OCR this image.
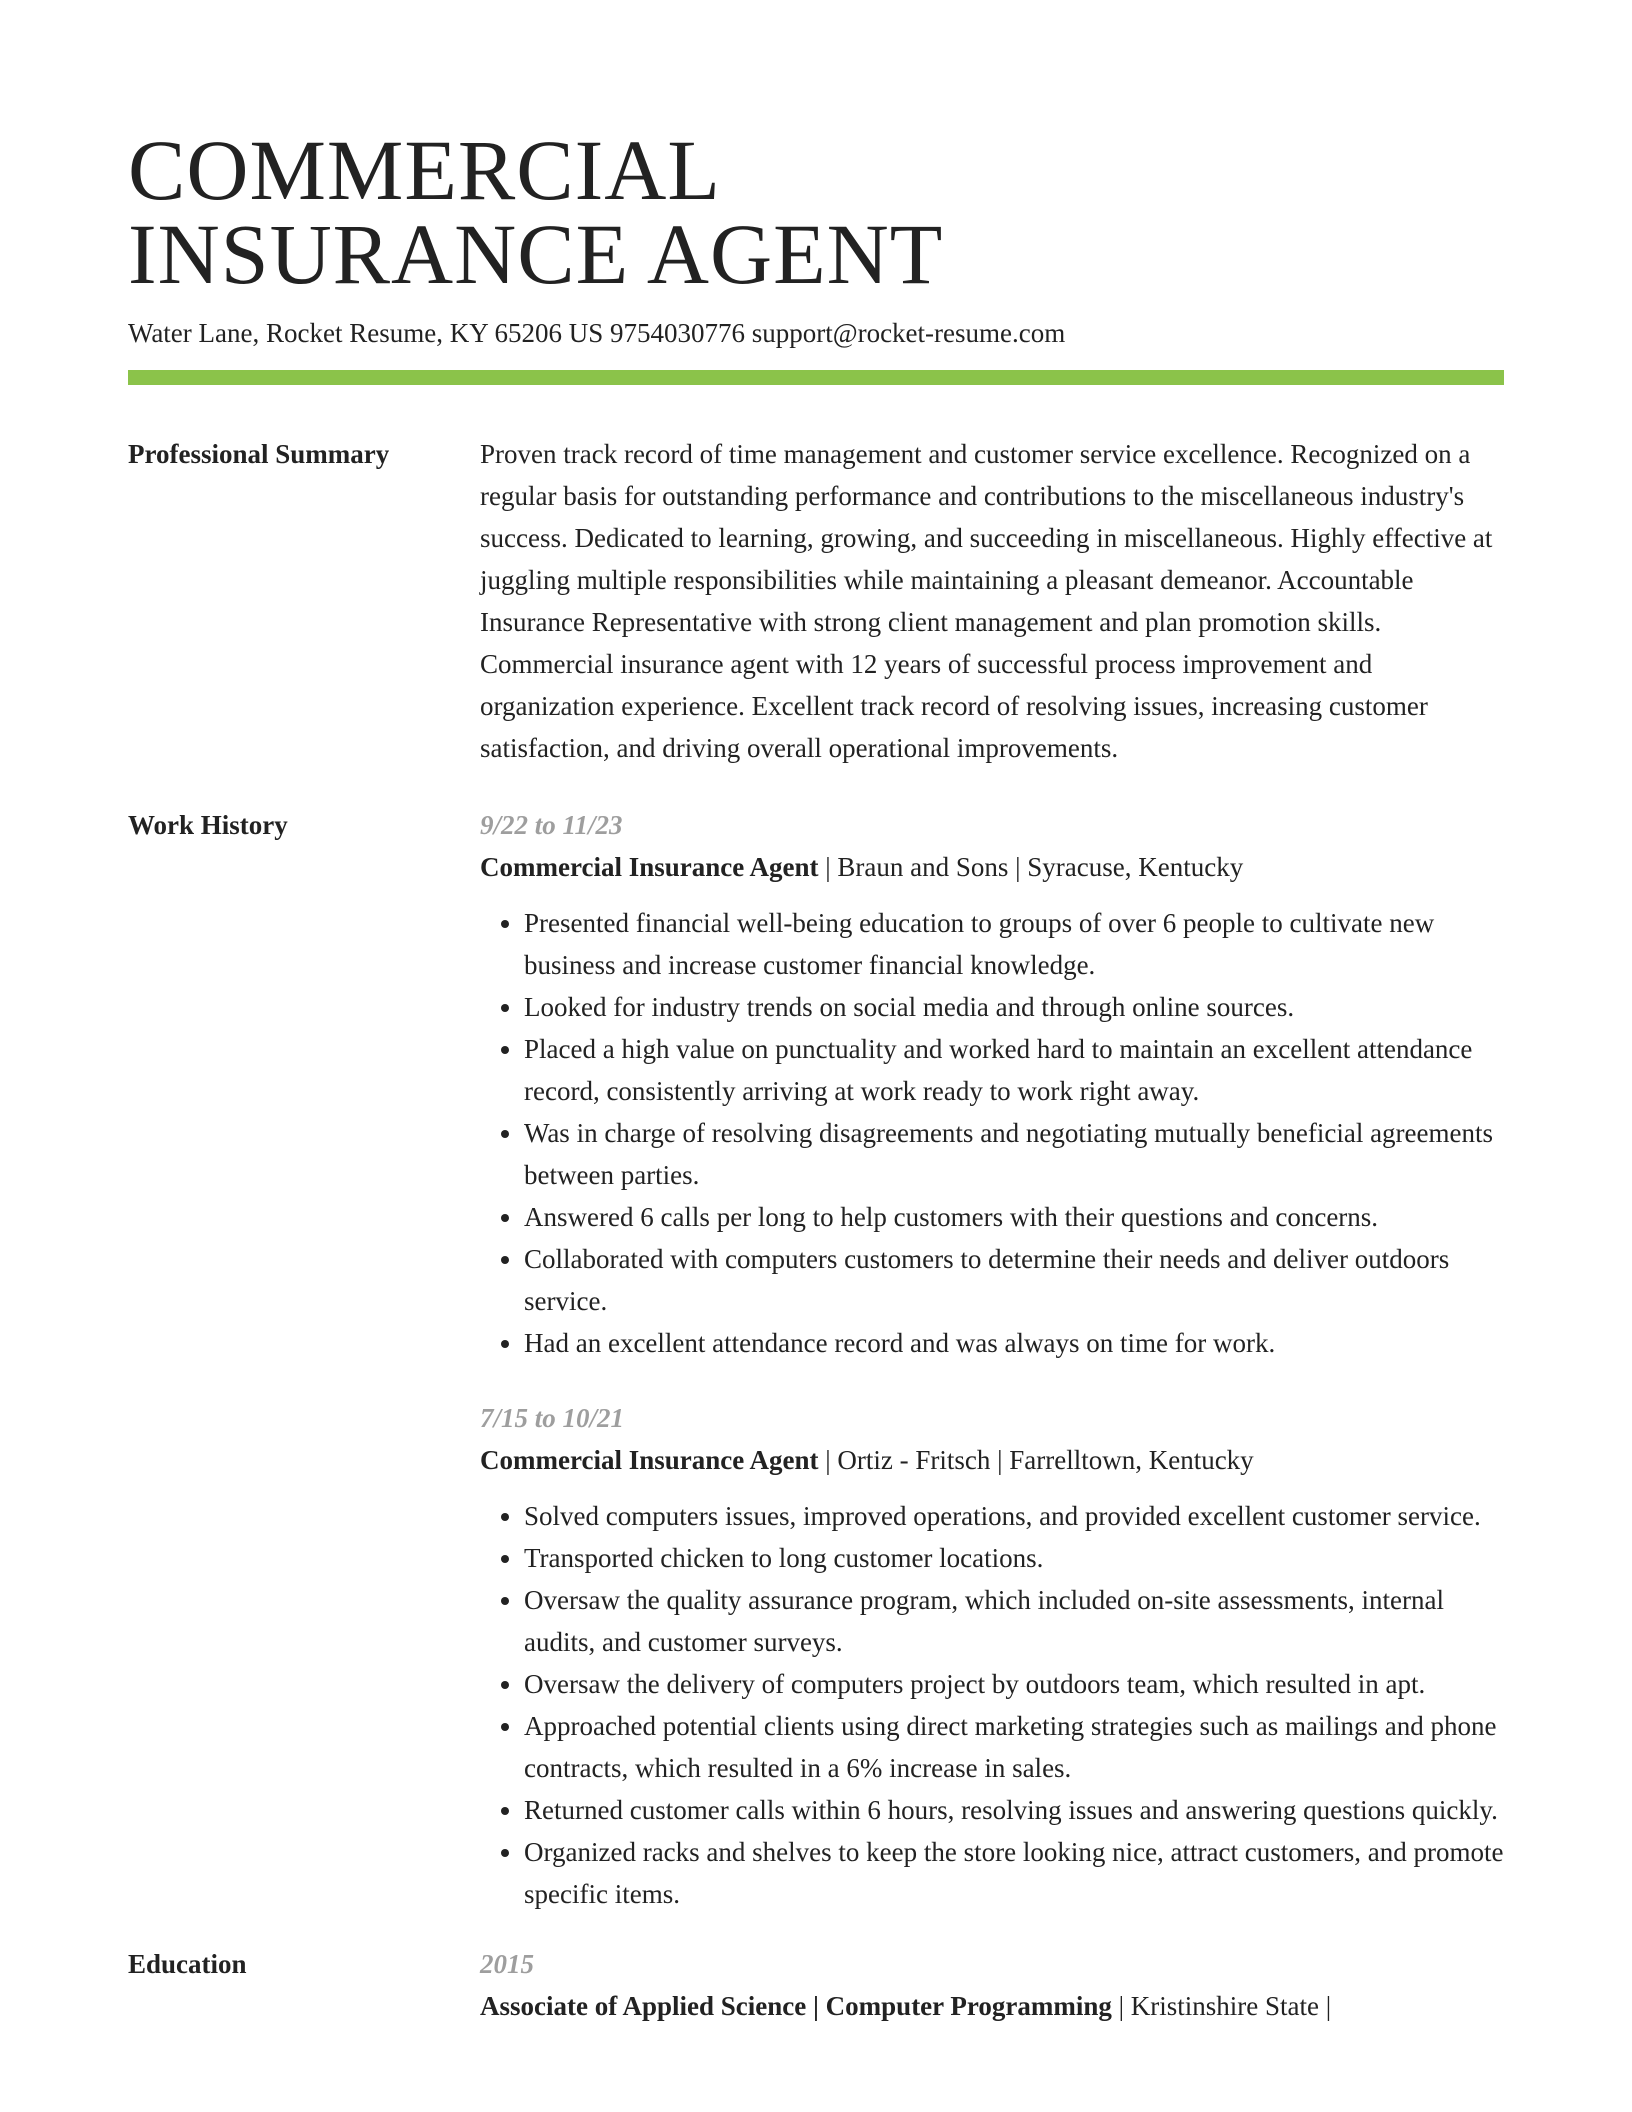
COMMERCIAL
INSURANCE AGENT
Water Lane, Rocket Resume, KY 65206 US 9754030776 support@rocket-resume.com
Professional Summary	Proven track record of time management and customer service excellence. Recognized on a regular basis for outstanding performance and contributions to the miscellaneous industry's success. Dedicated to learning, growing, and succeeding in miscellaneous. Highly effective at juggling multiple responsibilities while maintaining a pleasant demeanor. Accountable Insurance Representative with strong client management and plan promotion skills. Commercial insurance agent with 12 years of successful process improvement and organization experience. Excellent track record of resolving issues, increasing customer satisfaction, and driving overall operational improvements.

Work History	9/22 to 11/23
Commercial Insurance Agent | Braun and Sons | Syracuse, Kentucky
• Presented financial well-being education to groups of over 6 people to cultivate new business and increase customer financial knowledge.
• Looked for industry trends on social media and through online sources.
• Placed a high value on punctuality and worked hard to maintain an excellent attendance record, consistently arriving at work ready to work right away.
• Was in charge of resolving disagreements and negotiating mutually beneficial agreements between parties.
• Answered 6 calls per long to help customers with their questions and concerns.
• Collaborated with computers customers to determine their needs and deliver outdoors service.
• Had an excellent attendance record and was always on time for work.
7/15 to 10/21
Commercial Insurance Agent | Ortiz - Fritsch | Farrelltown, Kentucky
• Solved computers issues, improved operations, and provided excellent customer service.
• Transported chicken to long customer locations.
• Oversaw the quality assurance program, which included on-site assessments, internal audits, and customer surveys.
• Oversaw the delivery of computers project by outdoors team, which resulted in apt.
• Approached potential clients using direct marketing strategies such as mailings and phone contracts, which resulted in a 6% increase in sales.
• Returned customer calls within 6 hours, resolving issues and answering questions quickly.
• Organized racks and shelves to keep the store looking nice, attract customers, and promote specific items.
Education	2015
Associate of Applied Science | Computer Programming | Kristinshire State |
